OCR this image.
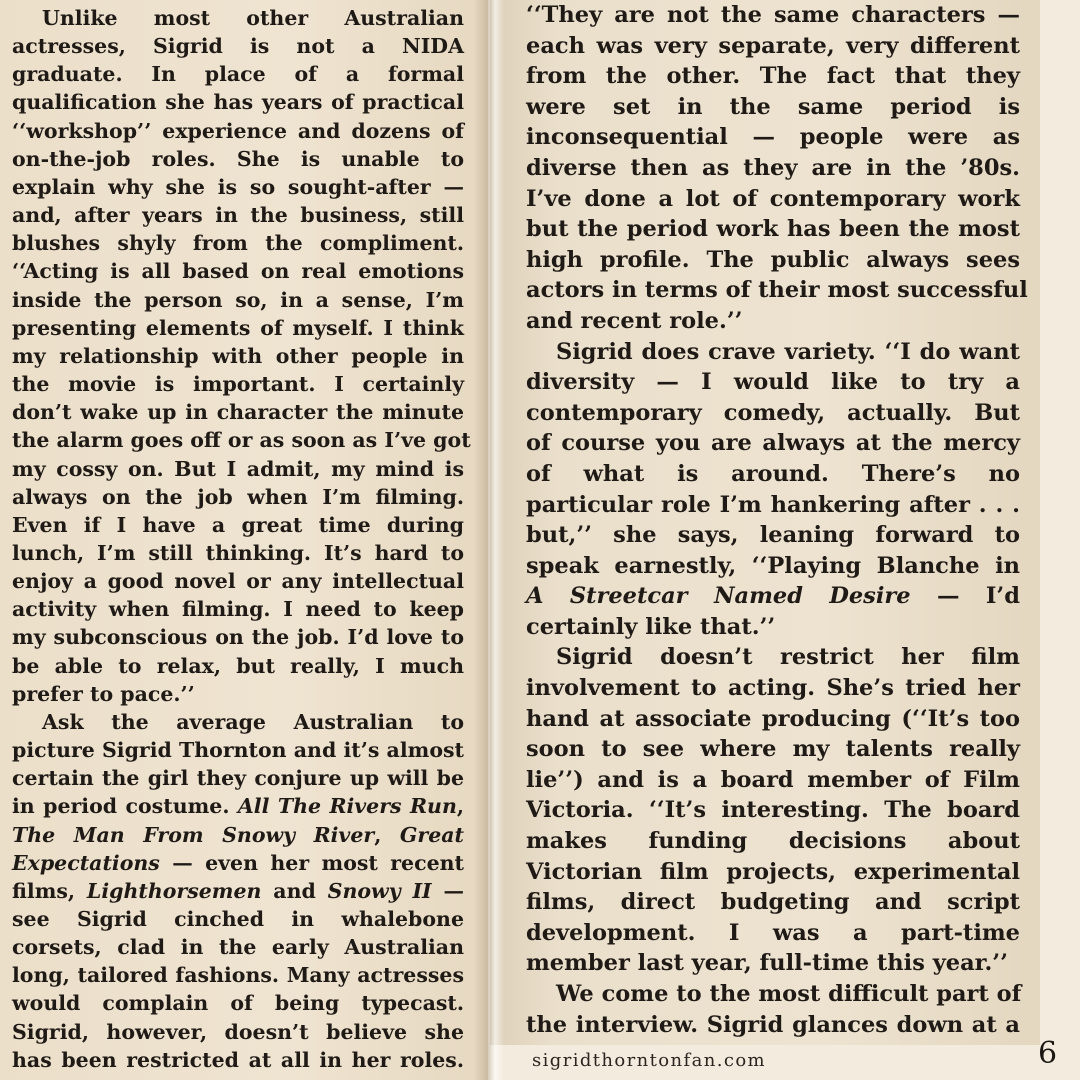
Unlike most other Australian
actresses, Sigrid is not a NIDA
graduate. In place of a formal
qualification she has years of practical
‘‘workshop’’ experience and dozens of
on-the-job roles. She is unable to
explain why she is so sought-after —
and, after years in the business, still
blushes shyly from the compliment.
‘‘Acting is all based on real emotions
inside the person so, in a sense, I’m
presenting elements of myself. I think
my relationship with other people in
the movie is important. I certainly
don’t wake up in character the minute
the alarm goes off or as soon as I’ve got
my cossy on. But I admit, my mind is
always on the job when I’m filming.
Even if I have a great time during
lunch, I’m still thinking. It’s hard to
enjoy a good novel or any intellectual
activity when filming. I need to keep
my subconscious on the job. I’d love to
be able to relax, but really, I much
prefer to pace.’’
Ask the average Australian to
picture Sigrid Thornton and it’s almost
certain the girl they conjure up will be
in period costume. All The Rivers Run,
The Man From Snowy River, Great
Expectations — even her most recent
films, Lighthorsemen and Snowy II —
see Sigrid cinched in whalebone
corsets, clad in the early Australian
long, tailored fashions. Many actresses
would complain of being typecast.
Sigrid, however, doesn’t believe she
has been restricted at all in her roles.
‘‘They are not the same characters —
each was very separate, very different
from the other. The fact that they
were set in the same period is
inconsequential — people were as
diverse then as they are in the ’80s.
I’ve done a lot of contemporary work
but the period work has been the most
high profile. The public always sees
actors in terms of their most successful
and recent role.’’
Sigrid does crave variety. ‘‘I do want
diversity — I would like to try a
contemporary comedy, actually. But
of course you are always at the mercy
of what is around. There’s no
particular role I’m hankering after . . .
but,’’ she says, leaning forward to
speak earnestly, ‘‘Playing Blanche in
A Streetcar Named Desire — I’d
certainly like that.’’
Sigrid doesn’t restrict her film
involvement to acting. She’s tried her
hand at associate producing (‘‘It’s too
soon to see where my talents really
lie’’) and is a board member of Film
Victoria. ‘‘It’s interesting. The board
makes funding decisions about
Victorian film projects, experimental
films, direct budgeting and script
development. I was a part-time
member last year, full-time this year.’’
We come to the most difficult part of
the interview. Sigrid glances down at a
sigridthorntonfan.com	6
